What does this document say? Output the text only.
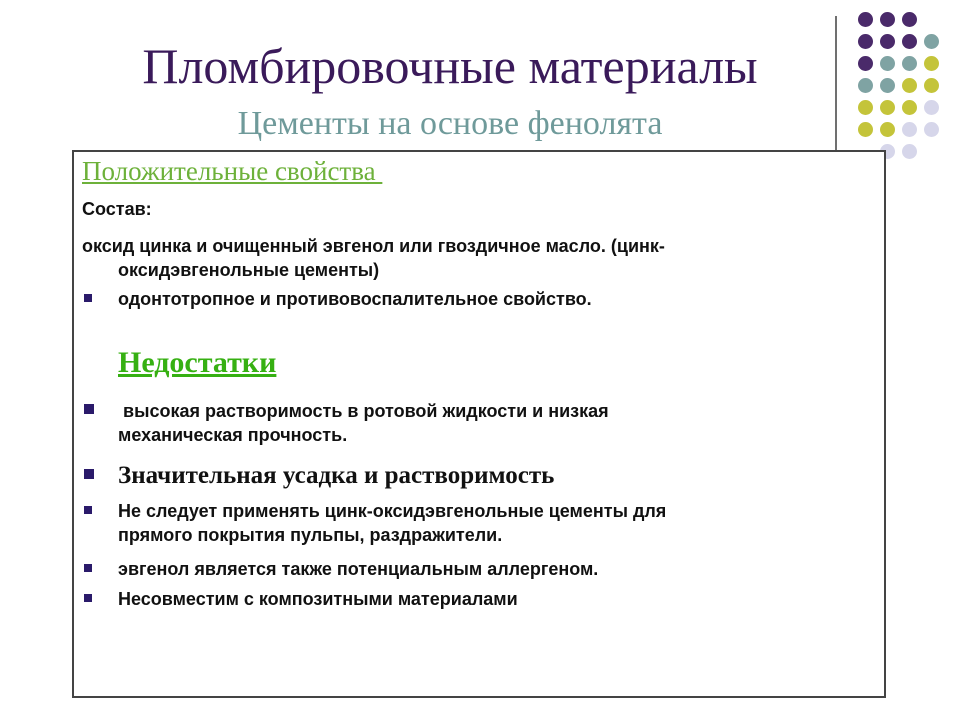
Пломбировочные материалы
Цементы на основе фенолята
Положительные свойства
Состав:
оксид цинка и очищенный эвгенол или гвоздичное масло. (цинк-
оксидэвгенольные цементы)
одонтотропное и противовоспалительное свойство.
Недостатки
высокая растворимость в ротовой жидкости и низкая
механическая прочность.
Значительная усадка и растворимость
Не следует применять цинк-оксидэвгенольные цементы для
прямого покрытия пульпы, раздражители.
эвгенол является также потенциальным аллергеном.
Несовместим с композитными материалами
